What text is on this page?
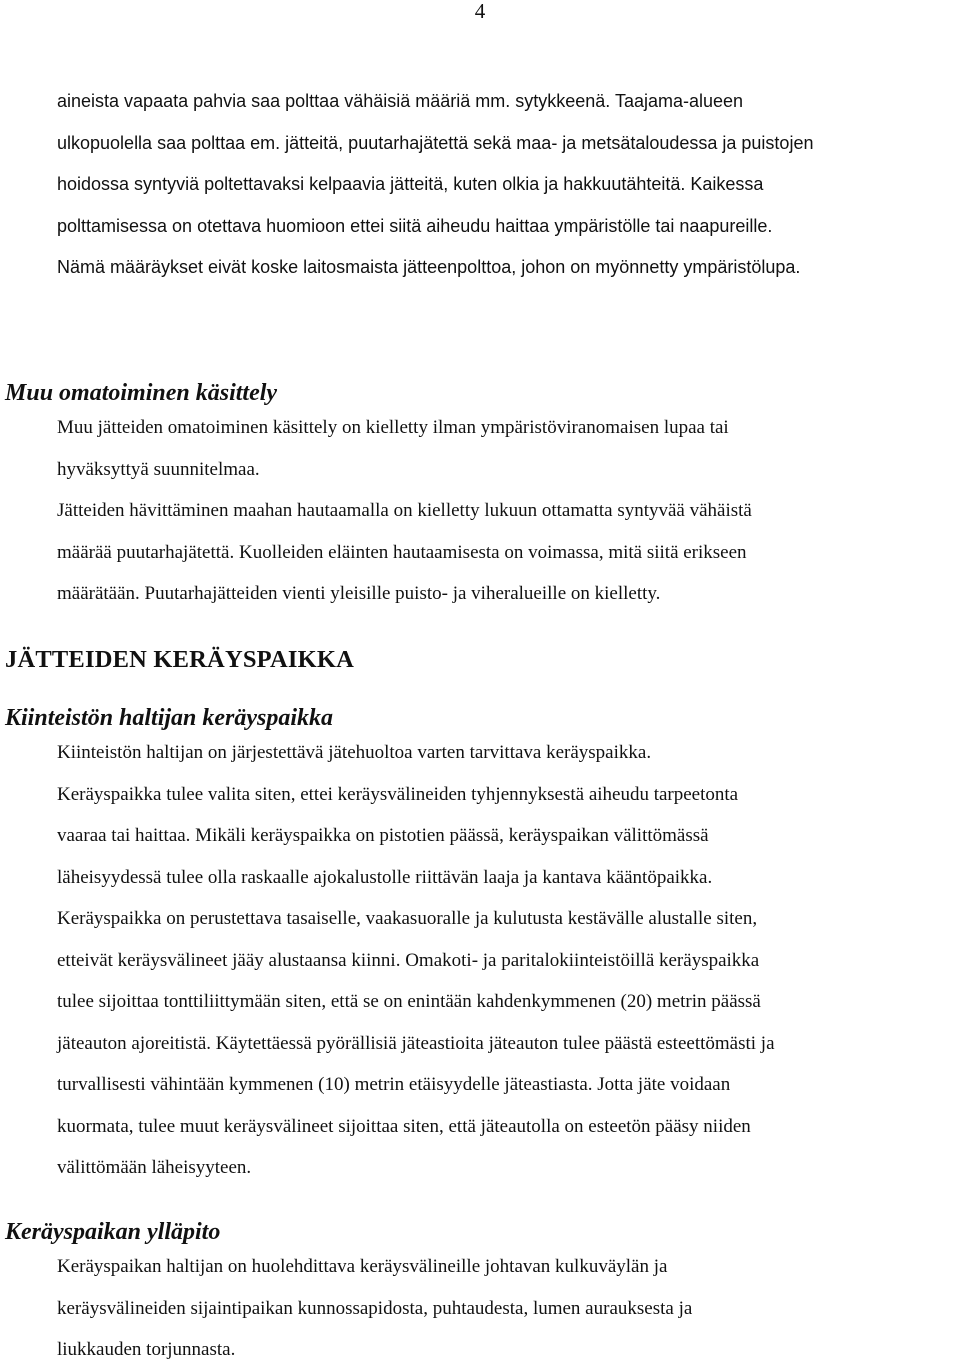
4

aineista vapaata pahvia saa polttaa vähäisiä määriä mm. sytykkeenä. Taajama-alueen

ulkopuolella saa polttaa em. jätteitä, puutarhajätettä sekä maa- ja metsätaloudessa ja puistojen

hoidossa syntyviä poltettavaksi kelpaavia jätteitä, kuten olkia ja hakkuutähteitä. Kaikessa

polttamisessa on otettava huomioon ettei siitä aiheudu haittaa ympäristölle tai naapureille.

Nämä määräykset eivät koske laitosmaista jätteenpolttoa, johon on myönnetty ympäristölupa.

Muu omatoiminen käsittely

Muu jätteiden omatoiminen käsittely on kielletty ilman ympäristöviranomaisen lupaa tai

hyväksyttyä suunnitelmaa.

Jätteiden hävittäminen maahan hautaamalla on kielletty lukuun ottamatta syntyvää vähäistä

määrää puutarhajätettä. Kuolleiden eläinten hautaamisesta on voimassa, mitä siitä erikseen

määrätään. Puutarhajätteiden vienti yleisille puisto- ja viheralueille on kielletty.

JÄTTEIDEN KERÄYSPAIKKA
Kiinteistön haltijan keräyspaikka

Kiinteistön haltijan on järjestettävä jätehuoltoa varten tarvittava keräyspaikka.

Keräyspaikka tulee valita siten, ettei keräysvälineiden tyhjennyksestä aiheudu tarpeetonta

vaaraa tai haittaa. Mikäli keräyspaikka on pistotien päässä, keräyspaikan välittömässä

läheisyydessä tulee olla raskaalle ajokalustolle riittävän laaja ja kantava kääntöpaikka.

Keräyspaikka on perustettava tasaiselle, vaakasuoralle ja kulutusta kestävälle alustalle siten,

etteivät keräysvälineet jääy alustaansa kiinni. Omakoti- ja paritalokiinteistöillä keräyspaikka

tulee sijoittaa tonttiliittymään siten, että se on enintään kahdenkymmenen (20) metrin päässä

jäteauton ajoreitistä. Käytettäessä pyörällisiä jäteastioita jäteauton tulee päästä esteettömästi ja

turvallisesti vähintään kymmenen (10) metrin etäisyydelle jäteastiasta. Jotta jäte voidaan

kuormata, tulee muut keräysvälineet sijoittaa siten, että jäteautolla on esteetön pääsy niiden

välittömään läheisyyteen.

Keräyspaikan ylläpito

Keräyspaikan haltijan on huolehdittava keräysvälineille johtavan kulkuväylän ja

keräysvälineiden sijaintipaikan kunnossapidosta, puhtaudesta, lumen aurauksesta ja

liukkauden torjunnasta.
